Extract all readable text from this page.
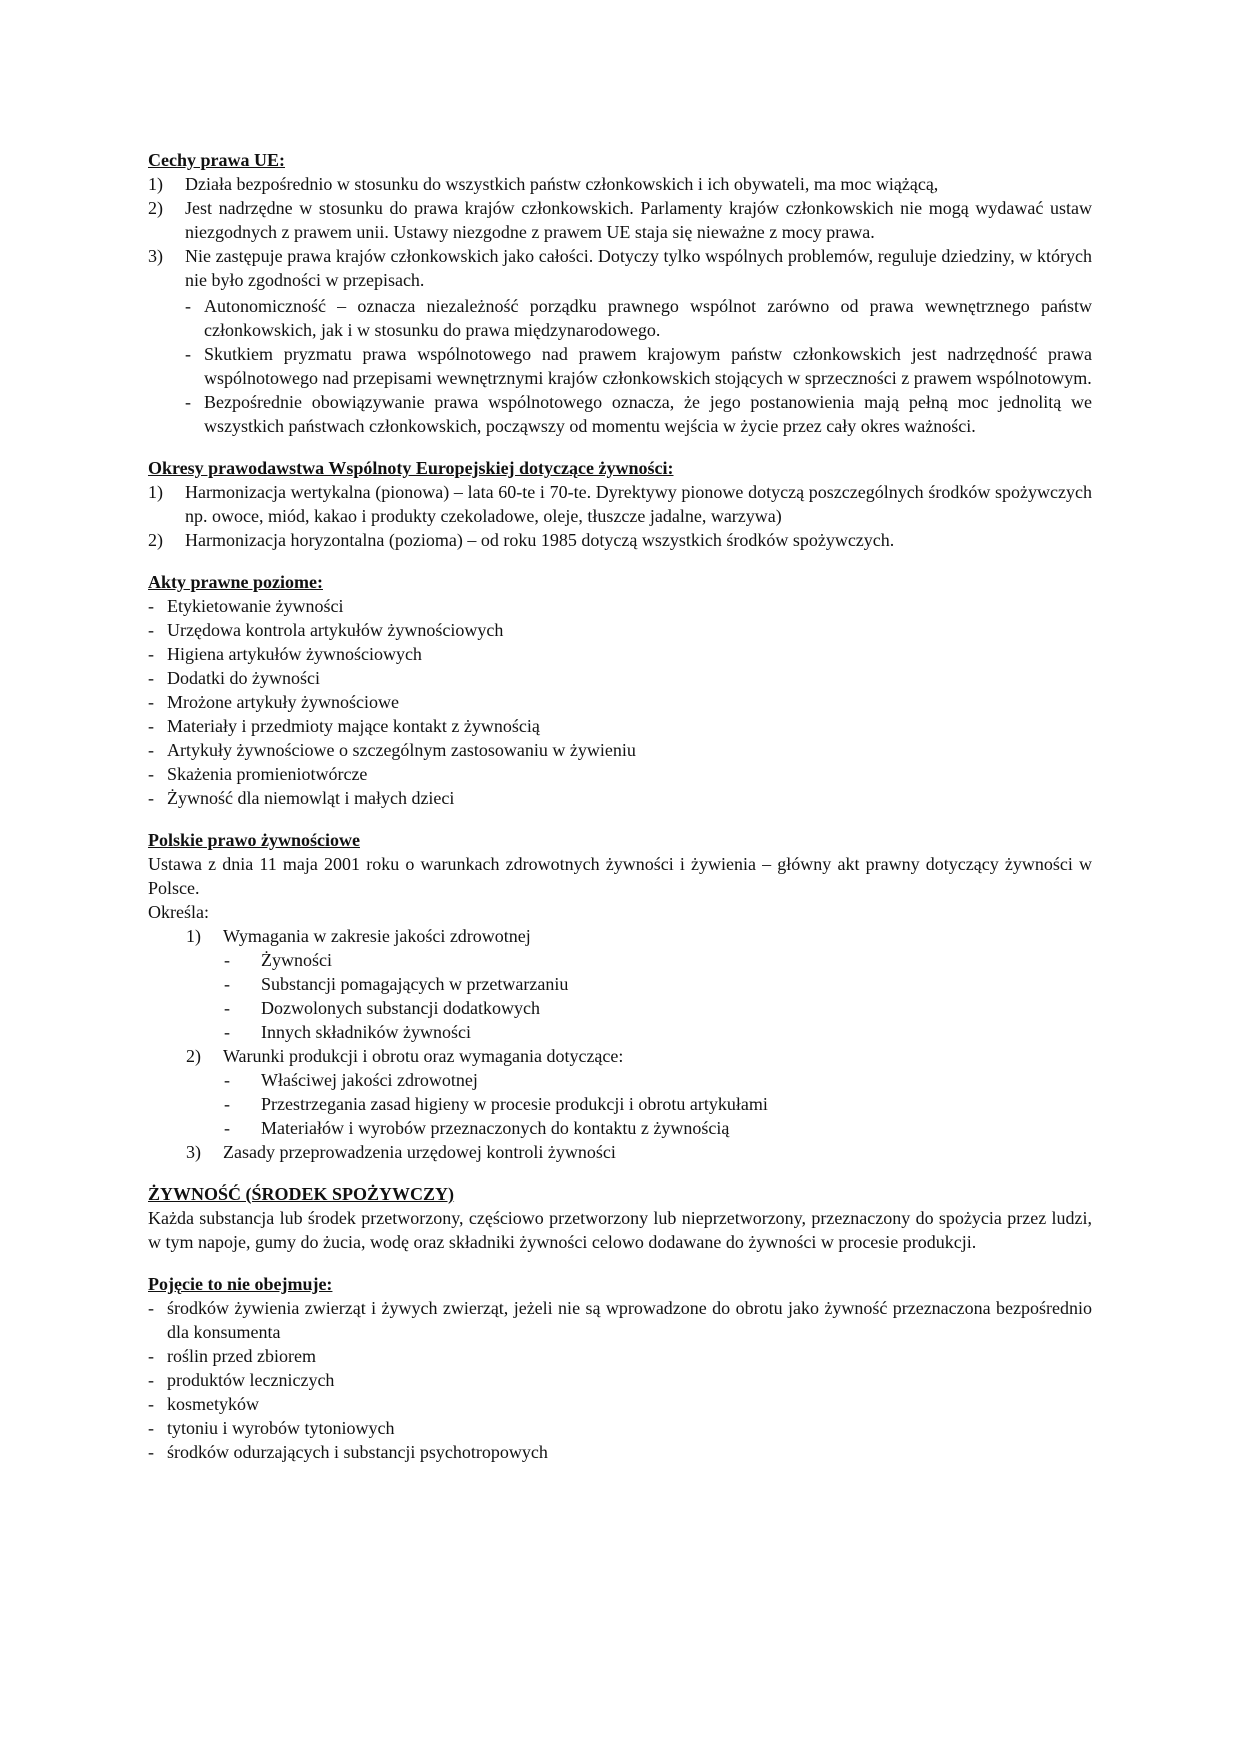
Cechy prawa UE:
1) Działa bezpośrednio w stosunku do wszystkich państw członkowskich i ich obywateli, ma moc wiążącą,
2) Jest nadrzędne w stosunku do prawa krajów członkowskich. Parlamenty krajów członkowskich nie mogą wydawać ustaw niezgodnych z prawem unii. Ustawy niezgodne z prawem UE staja się nieważne z mocy prawa.
3) Nie zastępuje prawa krajów członkowskich jako całości. Dotyczy tylko wspólnych problemów, reguluje dziedziny, w których nie było zgodności w przepisach.
- Autonomiczność – oznacza niezależność porządku prawnego wspólnot zarówno od prawa wewnętrznego państw członkowskich, jak i w stosunku do prawa międzynarodowego.
- Skutkiem pryzmatu prawa wspólnotowego nad prawem krajowym państw członkowskich jest nadrzędność prawa wspólnotowego nad przepisami wewnętrznymi krajów członkowskich stojących w sprzeczności z prawem wspólnotowym.
- Bezpośrednie obowiązywanie prawa wspólnotowego oznacza, że jego postanowienia mają pełną moc jednolitą we wszystkich państwach członkowskich, począwszy od momentu wejścia w życie przez cały okres ważności.
Okresy prawodawstwa Wspólnoty Europejskiej dotyczące żywności:
1) Harmonizacja wertykalna (pionowa) – lata 60-te i 70-te. Dyrektywy pionowe dotyczą poszczególnych środków spożywczych np. owoce, miód, kakao i produkty czekoladowe, oleje, tłuszcze jadalne, warzywa)
2) Harmonizacja horyzontalna (pozioma) – od roku 1985 dotyczą wszystkich środków spożywczych.
Akty prawne poziome:
- Etykietowanie żywności
- Urzędowa kontrola artykułów żywnościowych
- Higiena artykułów żywnościowych
- Dodatki do żywności
- Mrożone artykuły żywnościowe
- Materiały i przedmioty mające kontakt z żywnością
- Artykuły żywnościowe o szczególnym zastosowaniu w żywieniu
- Skażenia promieniotwórcze
- Żywność dla niemowląt i małych dzieci
Polskie prawo żywnościowe
Ustawa z dnia 11 maja 2001 roku o warunkach zdrowotnych żywności i żywienia – główny akt prawny dotyczący żywności w Polsce.
Określa:
1) Wymagania w zakresie jakości zdrowotnej
- Żywności
- Substancji pomagających w przetwarzaniu
- Dozwolonych substancji dodatkowych
- Innych składników żywności
2) Warunki produkcji i obrotu oraz wymagania dotyczące:
- Właściwej jakości zdrowotnej
- Przestrzegania zasad higieny w procesie produkcji i obrotu artykułami
- Materiałów i wyrobów przeznaczonych do kontaktu z żywnością
3) Zasady przeprowadzenia urzędowej kontroli żywności
ŻYWNOŚĆ (ŚRODEK SPOŻYWCZY)
Każda substancja lub środek przetworzony, częściowo przetworzony lub nieprzetworzony, przeznaczony do spożycia przez ludzi, w tym napoje, gumy do żucia, wodę oraz składniki żywności celowo dodawane do żywności w procesie produkcji.
Pojęcie to nie obejmuje:
- środków żywienia zwierząt i żywych zwierząt, jeżeli nie są wprowadzone do obrotu jako żywność przeznaczona bezpośrednio dla konsumenta
- roślin przed zbiorem
- produktów leczniczych
- kosmetyków
- tytoniu i wyrobów tytoniowych
- środków odurzających i substancji psychotropowych
